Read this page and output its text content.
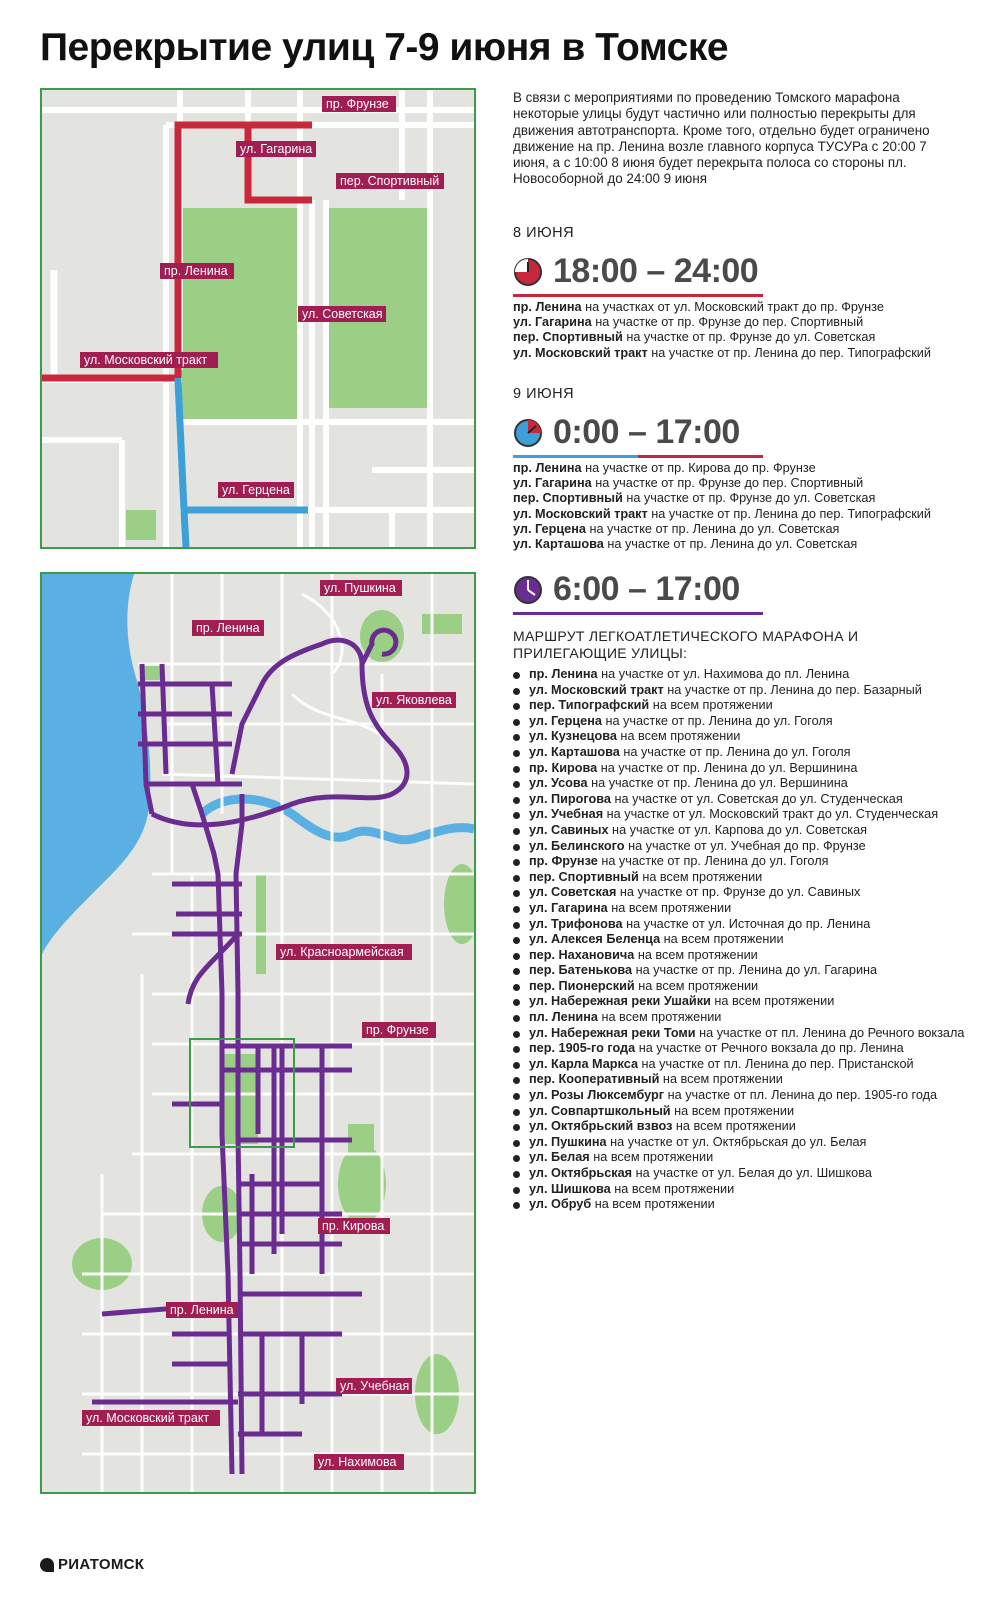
Перекрытие улиц 7-9 июня в Томске
пр. Фрунзе
ул. Гагарина
пер. Спортивный
пр. Ленина
ул. Советская
ул. Московский тракт
ул. Герцена
В связи с мероприятиями по проведению Томского марафона некоторые улицы будут частично или полностью перекрыты для движения автотранспорта. Кроме того, отдельно будет ограничено движение на пр. Ленина возле главного корпуса ТУСУРа с 20:00 7 июня, а с 10:00 8 июня будет перекрыта полоса со стороны пл. Новособорной до 24:00 9 июня
8 ИЮНЯ
18:00 – 24:00
пр. Ленина на участках от ул. Московский тракт до пр. Фрунзе
ул. Гагарина на участке от пр. Фрунзе до пер. Спортивный
пер. Спортивный на участке от пр. Фрунзе до ул. Советская
ул. Московский тракт на участке от пр. Ленина до пер. Типографский
9 ИЮНЯ
0:00 – 17:00
пр. Ленина на участке от пр. Кирова до пр. Фрунзе
ул. Гагарина на участке от пр. Фрунзе до пер. Спортивный
пер. Спортивный на участке от пр. Фрунзе до ул. Советская
ул. Московский тракт на участке от пр. Ленина до пер. Типографский
ул. Герцена на участке от пр. Ленина до ул. Советская
ул. Карташова на участке от пр. Ленина до ул. Советская
6:00 – 17:00
МАРШРУТ ЛЕГКОАТЛЕТИЧЕСКОГО МАРАФОНА И ПРИЛЕГАЮЩИЕ УЛИЦЫ:
пр. Ленина на участке от ул. Нахимова до пл. Ленина
ул. Московский тракт на участке от пр. Ленина до пер. Базарный
пер. Типографский на всем протяжении
ул. Герцена на участке от пр. Ленина до ул. Гоголя
ул. Кузнецова на всем протяжении
ул. Карташова на участке от пр. Ленина до ул. Гоголя
пр. Кирова на участке от пр. Ленина до ул. Вершинина
ул. Усова на участке от пр. Ленина до ул. Вершинина
ул. Пирогова на участке от ул. Советская до ул. Студенческая
ул. Учебная на участке от ул. Московский тракт до ул. Студенческая
ул. Савиных на участке от ул. Карпова до ул. Советская
ул. Белинского на участке от ул. Учебная до пр. Фрунзе
пр. Фрунзе на участке от пр. Ленина до ул. Гоголя
пер. Спортивный на всем протяжении
ул. Советская на участке от пр. Фрунзе до ул. Савиных
ул. Гагарина на всем протяжении
ул. Трифонова на участке от ул. Источная до пр. Ленина
ул. Алексея Беленца на всем протяжении
пер. Нахановича на всем протяжении
пер. Батенькова на участке от пр. Ленина до ул. Гагарина
пер. Пионерский на всем протяжении
ул. Набережная реки Ушайки на всем протяжении
пл. Ленина на всем протяжении
ул. Набережная реки Томи на участке от пл. Ленина до Речного вокзала
пер. 1905-го года на участке от Речного вокзала до пр. Ленина
ул. Карла Маркса на участке от пл. Ленина до пер. Пристанской
пер. Кооперативный на всем протяжении
ул. Розы Люксембург на участке от пл. Ленина до пер. 1905-го года
ул. Совпартшкольный на всем протяжении
ул. Октябрьский взвоз на всем протяжении
ул. Пушкина на участке от ул. Октябрьская до ул. Белая
ул. Белая на всем протяжении
ул. Октябрьская на участке от ул. Белая до ул. Шишкова
ул. Шишкова на всем протяжении
ул. Обруб на всем протяжении
ул. Пушкина
пр. Ленина
ул. Яковлева
ул. Красноармейская
пр. Фрунзе
пр. Кирова
пр. Ленина
ул. Учебная
ул. Московский тракт
ул. Нахимова
РИАТОМСК
